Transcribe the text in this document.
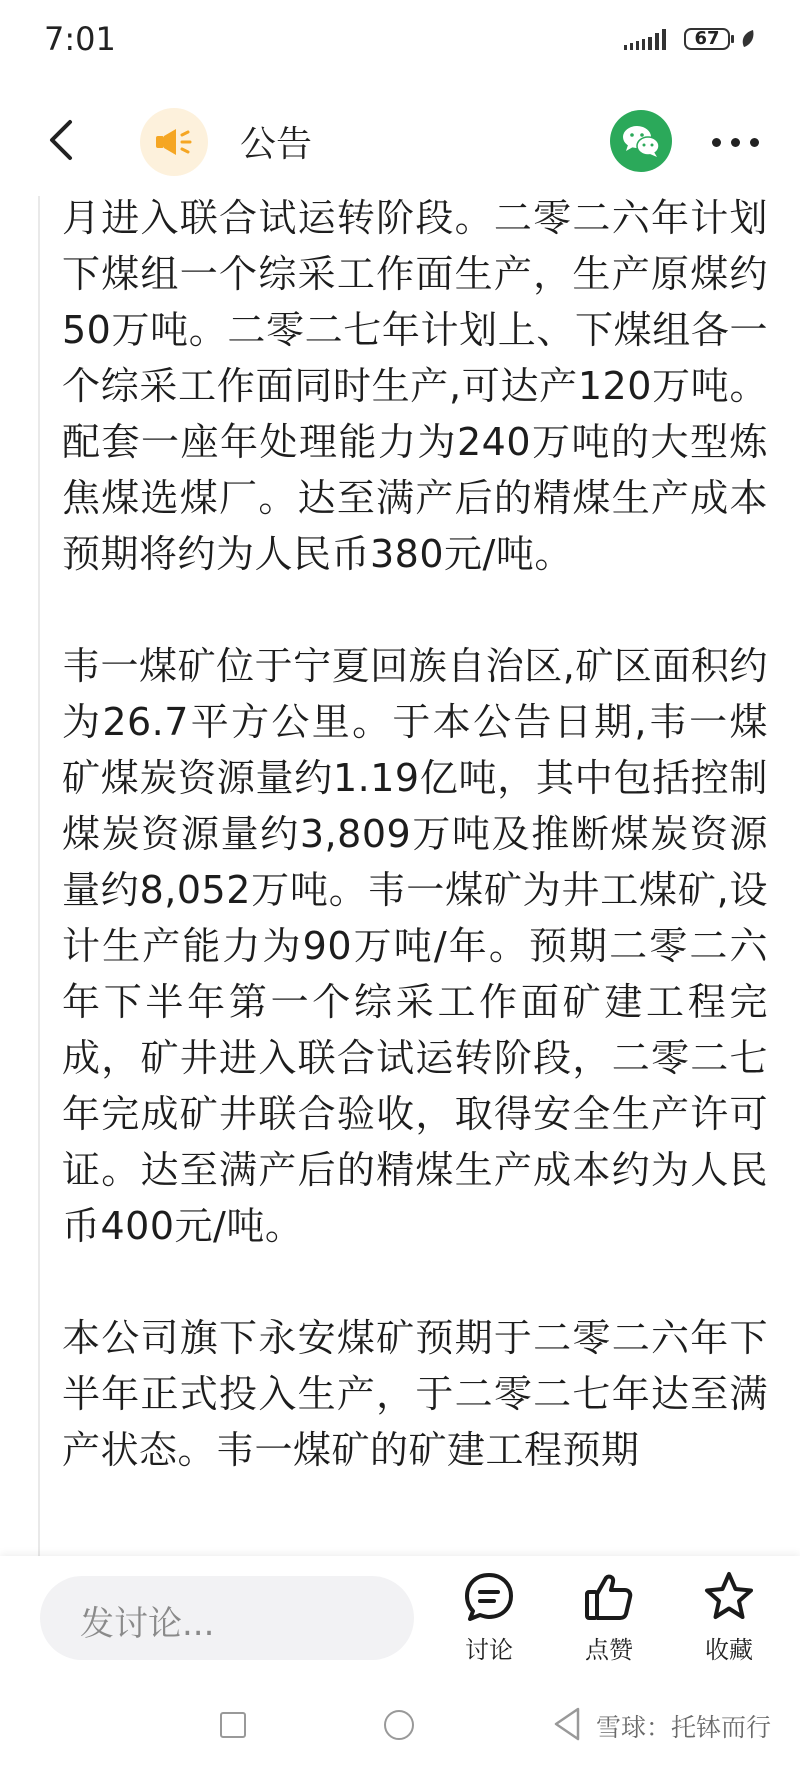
7:01	67
公告

月进入联合试运转阶段。二零二六年计划下煤组一个综采工作面生产，生产原煤约50万吨。二零二七年计划上、下煤组各一个综采工作面同时生产,可达产120万吨。配套一座年处理能力为240万吨的大型炼焦煤选煤厂。达至满产后的精煤生产成本预期将约为人民币380元/吨。

韦一煤矿位于宁夏回族自治区,矿区面积约为26.7平方公里。于本公告日期,韦一煤矿煤炭资源量约1.19亿吨，其中包括控制煤炭资源量约3,809万吨及推断煤炭资源量约8,052万吨。韦一煤矿为井工煤矿,设计生产能力为90万吨/年。预期二零二六年下半年第一个综采工作面矿建工程完成，矿井进入联合试运转阶段，二零二七年完成矿井联合验收，取得安全生产许可证。达至满产后的精煤生产成本约为人民币400元/吨。

本公司旗下永安煤矿预期于二零二六年下半年正式投入生产，于二零二七年达至满产状态。韦一煤矿的矿建工程预期

发讨论...
讨论	点赞	收藏
雪球：托钵而行
